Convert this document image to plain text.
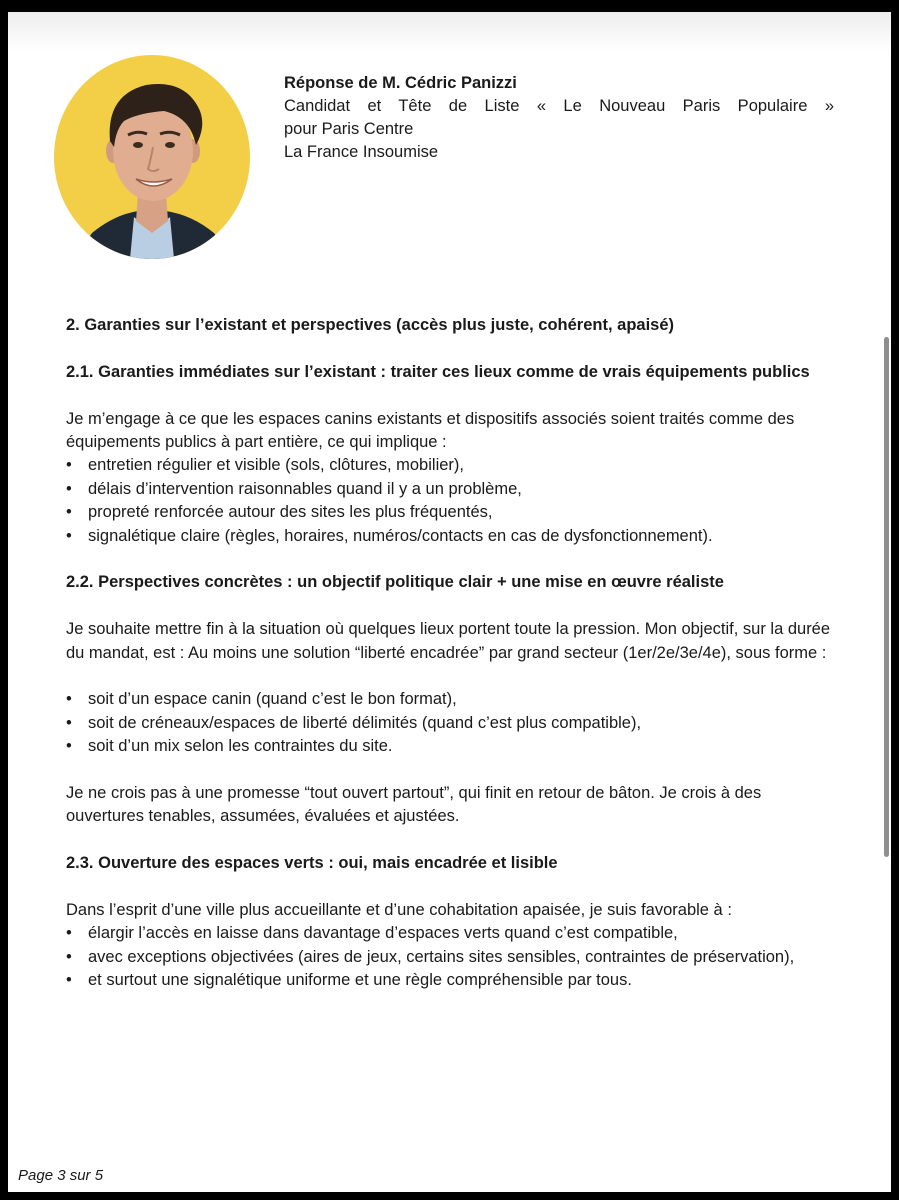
Réponse de M. Cédric Panizzi
Candidat et Tête de Liste « Le Nouveau Paris Populaire »
pour Paris Centre
La France Insoumise
2. Garanties sur l’existant et perspectives (accès plus juste, cohérent, apaisé)
2.1. Garanties immédiates sur l’existant : traiter ces lieux comme de vrais équipements publics

Je m’engage à ce que les espaces canins existants et dispositifs associés soient traités comme des équipements publics à part entière, ce qui implique :

• entretien régulier et visible (sols, clôtures, mobilier),
• délais d’intervention raisonnables quand il y a un problème,
• propreté renforcée autour des sites les plus fréquentés,
• signalétique claire (règles, horaires, numéros/contacts en cas de dysfonctionnement).
2.2. Perspectives concrètes : un objectif politique clair + une mise en œuvre réaliste

Je souhaite mettre fin à la situation où quelques lieux portent toute la pression. Mon objectif, sur la durée du mandat, est : Au moins une solution “liberté encadrée” par grand secteur (1er/2e/3e/4e), sous forme :

• soit d’un espace canin (quand c’est le bon format),
• soit de créneaux/espaces de liberté délimités (quand c’est plus compatible),
• soit d’un mix selon les contraintes du site.

Je ne crois pas à une promesse “tout ouvert partout”, qui finit en retour de bâton. Je crois à des ouvertures tenables, assumées, évaluées et ajustées.

2.3. Ouverture des espaces verts : oui, mais encadrée et lisible

Dans l’esprit d’une ville plus accueillante et d’une cohabitation apaisée, je suis favorable à :

• élargir l’accès en laisse dans davantage d’espaces verts quand c’est compatible,
• avec exceptions objectivées (aires de jeux, certains sites sensibles, contraintes de préservation),
• et surtout une signalétique uniforme et une règle compréhensible par tous.
Page 3 sur 5
